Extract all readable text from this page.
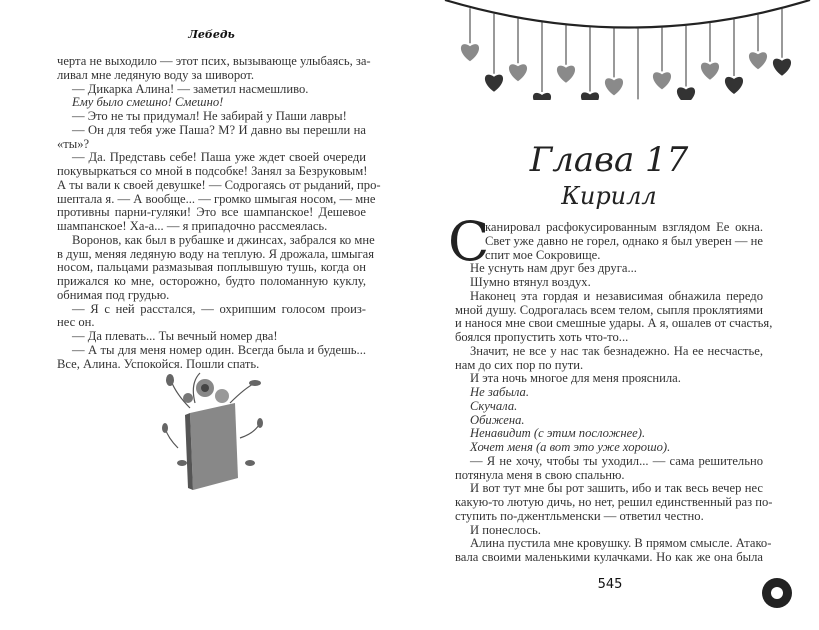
Лебедь
черта не выходило — этот псих, вызывающе улыбаясь, за-
ливал мне ледяную воду за шиворот.
— Дикарка Алина! — заметил насмешливо.
Ему было смешно! Смешно!
— Это не ты придумал! Не забирай у Паши лавры!
— Он для тебя уже Паша? М? И давно вы перешли на
«ты»?
— Да. Представь себе! Паша уже ждет своей очереди
покувыркаться со мной в подсобке! Занял за Безруковым!
А ты вали к своей девушке! — Содрогаясь от рыданий, про-
шептала я. — А вообще... — громко шмыгая носом, — мне
противны парни-гуляки! Это все шампанское! Дешевое
шампанское! Ха-а... — я припадочно рассмеялась.
Воронов, как был в рубашке и джинсах, забрался ко мне
в душ, меняя ледяную воду на теплую. Я дрожала, шмыгая
носом, пальцами размазывая поплывшую тушь, когда он
прижался ко мне, осторожно, будто поломанную куклу,
обнимая под грудью.
— Я с ней расстался, — охрипшим голосом произ-
нес он.
— Да плевать... Ты вечный номер два!
— А ты для меня номер один. Всегда была и будешь...
Все, Алина. Успокойся. Пошли спать.
Глава 17
Кирилл
С
канировал расфокусированным взглядом Ее окна.
Свет уже давно не горел, однако я был уверен — не
спит мое Сокровище.
Не уснуть нам друг без друга...
Шумно втянул воздух.
Наконец эта гордая и независимая обнажила передо
мной душу. Содрогалась всем телом, сыпля проклятиями
и нанося мне свои смешные удары. А я, ошалев от счастья,
боялся пропустить хоть что-то...
Значит, не все у нас так безнадежно. На ее несчастье,
нам до сих пор по пути.
И эта ночь многое для меня прояснила.
Не забыла.
Скучала.
Обижена.
Ненавидит (с этим посложнее).
Хочет меня (а вот это уже хорошо).
— Я не хочу, чтобы ты уходил... — сама решительно
потянула меня в свою спальню.
И вот тут мне бы рот зашить, ибо и так весь вечер нес
какую-то лютую дичь, но нет, решил единственный раз по-
ступить по-джентльменски — ответил честно.
И понеслось.
Алина пустила мне кровушку. В прямом смысле. Атако-
вала своими маленькими кулачками. Но как же она была
545
